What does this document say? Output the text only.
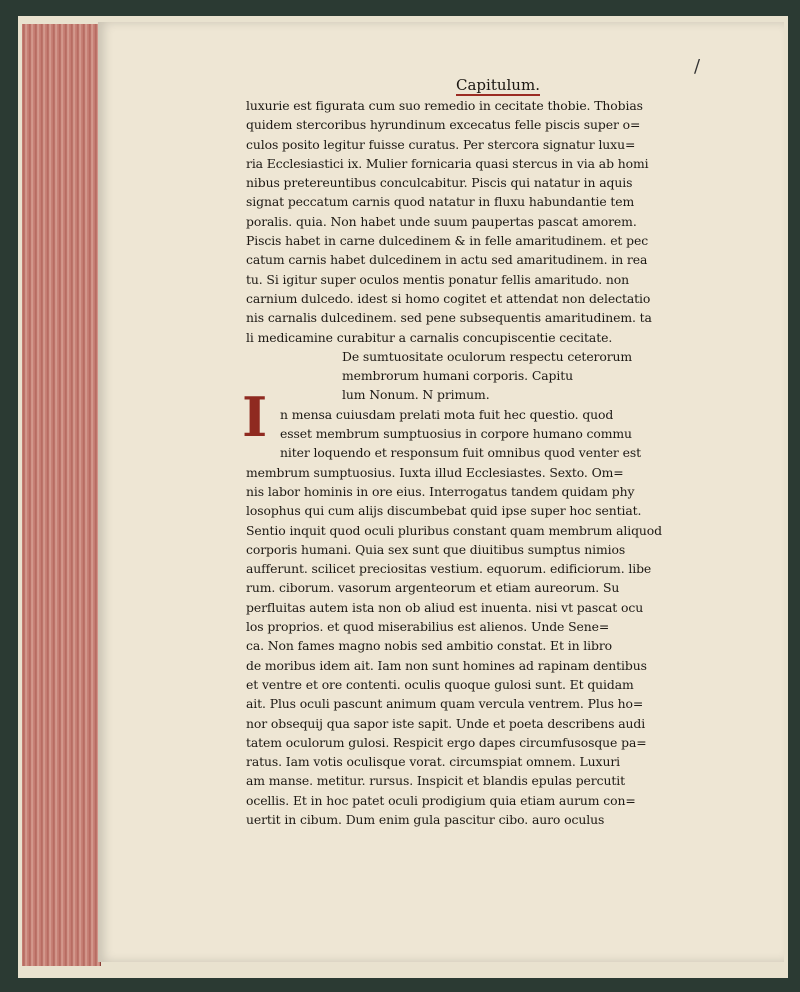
/
Capitulum.
I
luxurie est figurata cum suo remedio in cecitate thobie. Thobias
quidem stercoribus hyrundinum excecatus felle piscis super o=
culos posito legitur fuisse curatus. Per stercora signatur luxu=
ria Ecclesiastici ix. Mulier fornicaria quasi stercus in via ab homi
nibus pretereuntibus conculcabitur. Piscis qui natatur in aquis
signat peccatum carnis quod natatur in fluxu habundantie tem
poralis. quia. Non habet unde suum paupertas pascat amorem.
Piscis habet in carne dulcedinem & in felle amaritudinem. et pec
catum carnis habet dulcedinem in actu sed amaritudinem. in rea
tu. Si igitur super oculos mentis ponatur fellis amaritudo. non
carnium dulcedo. idest si homo cogitet et attendat non delectatio
nis carnalis dulcedinem. sed pene subsequentis amaritudinem. ta
li medicamine curabitur a carnalis concupiscentie cecitate.
De sumtuositate oculorum respectu ceterorum
membrorum humani corporis. Capitu
lum Nonum. N primum.
n mensa cuiusdam prelati mota fuit hec questio. quod
esset membrum sumptuosius in corpore humano commu
niter loquendo et responsum fuit omnibus quod venter est
membrum sumptuosius. Iuxta illud Ecclesiastes. Sexto. Om=
nis labor hominis in ore eius. Interrogatus tandem quidam phy
losophus qui cum alijs discumbebat quid ipse super hoc sentiat.
Sentio inquit quod oculi pluribus constant quam membrum aliquod
corporis humani. Quia sex sunt que diuitibus sumptus nimios
aufferunt. scilicet preciositas vestium. equorum. edificiorum. libe
rum. ciborum. vasorum argenteorum et etiam aureorum. Su
perfluitas autem ista non ob aliud est inuenta. nisi vt pascat ocu
los proprios. et quod miserabilius est alienos. Unde Sene=
ca. Non fames magno nobis sed ambitio constat. Et in libro
de moribus idem ait. Iam non sunt homines ad rapinam dentibus
et ventre et ore contenti. oculis quoque gulosi sunt. Et quidam
ait. Plus oculi pascunt animum quam vercula ventrem. Plus ho=
nor obsequij qua sapor iste sapit. Unde et poeta describens audi
tatem oculorum gulosi. Respicit ergo dapes circumfusosque pa=
ratus. Iam votis oculisque vorat. circumspiat omnem. Luxuri
am manse. metitur. rursus. Inspicit et blandis epulas percutit
ocellis. Et in hoc patet oculi prodigium quia etiam aurum con=
uertit in cibum. Dum enim gula pascitur cibo. auro oculus
